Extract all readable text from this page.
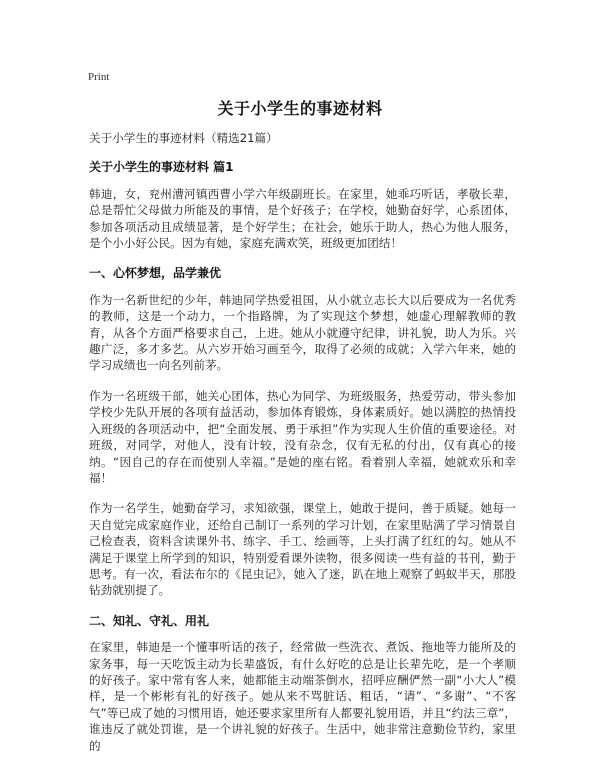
Print
关于小学生的事迹材料

关于小学生的事迹材料（精选21篇）

关于小学生的事迹材料 篇1

韩迪，女，兖州漕河镇西曹小学六年级副班长。在家里，她乖巧听话，孝敬长辈，总是帮忙父母做力所能及的事情，是个好孩子；在学校，她勤奋好学，心系团体，参加各项活动且成绩显著，是个好学生；在社会，她乐于助人，热心为他人服务，是个小小好公民。因为有她，家庭充满欢笑，班级更加团结！

一、心怀梦想，品学兼优

作为一名新世纪的少年，韩迪同学热爱祖国，从小就立志长大以后要成为一名优秀的教师，这是一个动力，一个指路牌，为了实现这个梦想，她虚心理解教师的教育，从各个方面严格要求自己，上进。她从小就遵守纪律，讲礼貌，助人为乐。兴趣广泛，多才多艺。从六岁开始习画至今，取得了必须的成就；入学六年来，她的学习成绩也一向名列前茅。

作为一名班级干部，她关心团体，热心为同学、为班级服务，热爱劳动，带头参加学校少先队开展的各项有益活动，参加体育锻炼，身体素质好。她以满腔的热情投入班级的各项活动中，把“全面发展、勇于承担”作为实现人生价值的重要途径。对班级，对同学，对他人，没有计较，没有杂念，仅有无私的付出，仅有真心的接纳。“因自己的存在而使别人幸福。”是她的座右铭。看着别人幸福，她就欢乐和幸福！

作为一名学生，她勤奋学习，求知欲强，课堂上，她敢于提问，善于质疑。她每一天自觉完成家庭作业，还给自己制订一系列的学习计划，在家里贴满了学习情景自己检查表，资料含读课外书、练字、手工、绘画等，上头打满了红红的勾。她从不满足于课堂上所学到的知识，特别爱看课外读物，很多阅读一些有益的书刊，勤于思考。有一次，看法布尔的《昆虫记》，她入了迷，趴在地上观察了蚂蚁半天，那股钻劲就别提了。

二、知礼、守礼、用礼

在家里，韩迪是一个懂事听话的孩子，经常做一些洗衣、煮饭、拖地等力能所及的家务事，每一天吃饭主动为长辈盛饭，有什么好吃的总是让长辈先吃，是一个孝顺的好孩子。家中常有客人来，她都能主动端茶倒水，招呼应酬俨然一副“小大人”模样，是一个彬彬有礼的好孩子。她从来不骂脏话、粗话，“请”、“多谢”、“不客气”等已成了她的习惯用语，她还要求家里所有人都要礼貌用语，并且“约法三章”，谁违反了就处罚谁，是一个讲礼貌的好孩子。生活中，她非常注意勤俭节约，家里的
